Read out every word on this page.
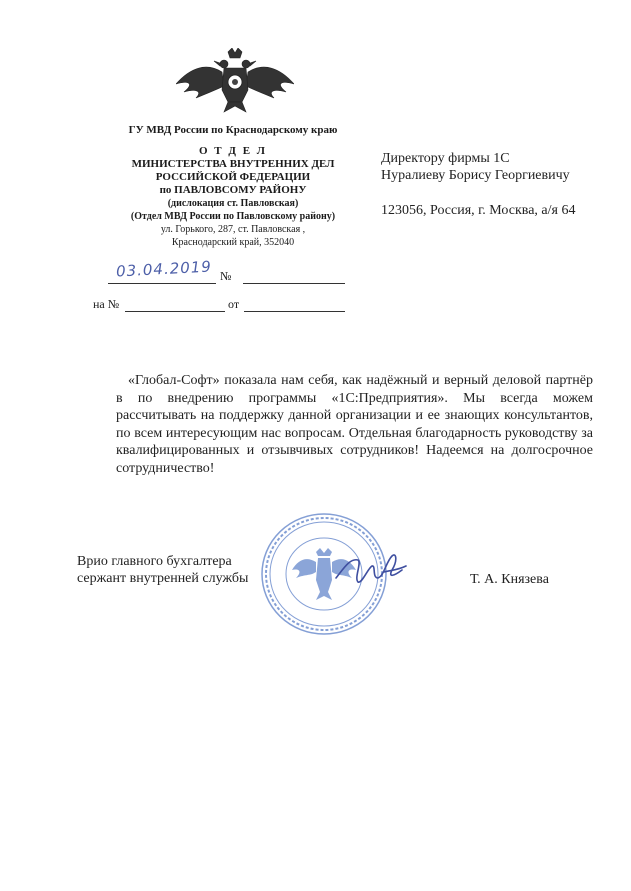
ГУ МВД России по Краснодарскому краю
О Т Д Е Л
МИНИСТЕРСТВА ВНУТРЕННИХ ДЕЛ
РОССИЙСКОЙ ФЕДЕРАЦИИ
по ПАВЛОВСОМУ РАЙОНУ
(дислокация ст. Павловская)
(Отдел МВД России по Павловскому району)
ул. Горького, 287, ст. Павловская ,
Краснодарский край, 352040
03.04.2019 №
на №	от
Директору фирмы 1С
Нуралиеву Борису Георгиевичу
123056, Россия, г. Москва, а/я 64
«Глобал-Софт» показала нам себя, как надёжный и верный деловой партнёр в по внедрению программы «1С:Предприятия». Мы всегда можем рассчитывать на поддержку данной организации и ее знающих консультантов, по всем интересующим нас вопросам. Отдельная благодарность руководству за квалифицированных и отзывчивых сотрудников! Надеемся на долгосрочное сотрудничество!
Врио главного бухгалтера
сержант внутренней службы	Т. А. Князева
